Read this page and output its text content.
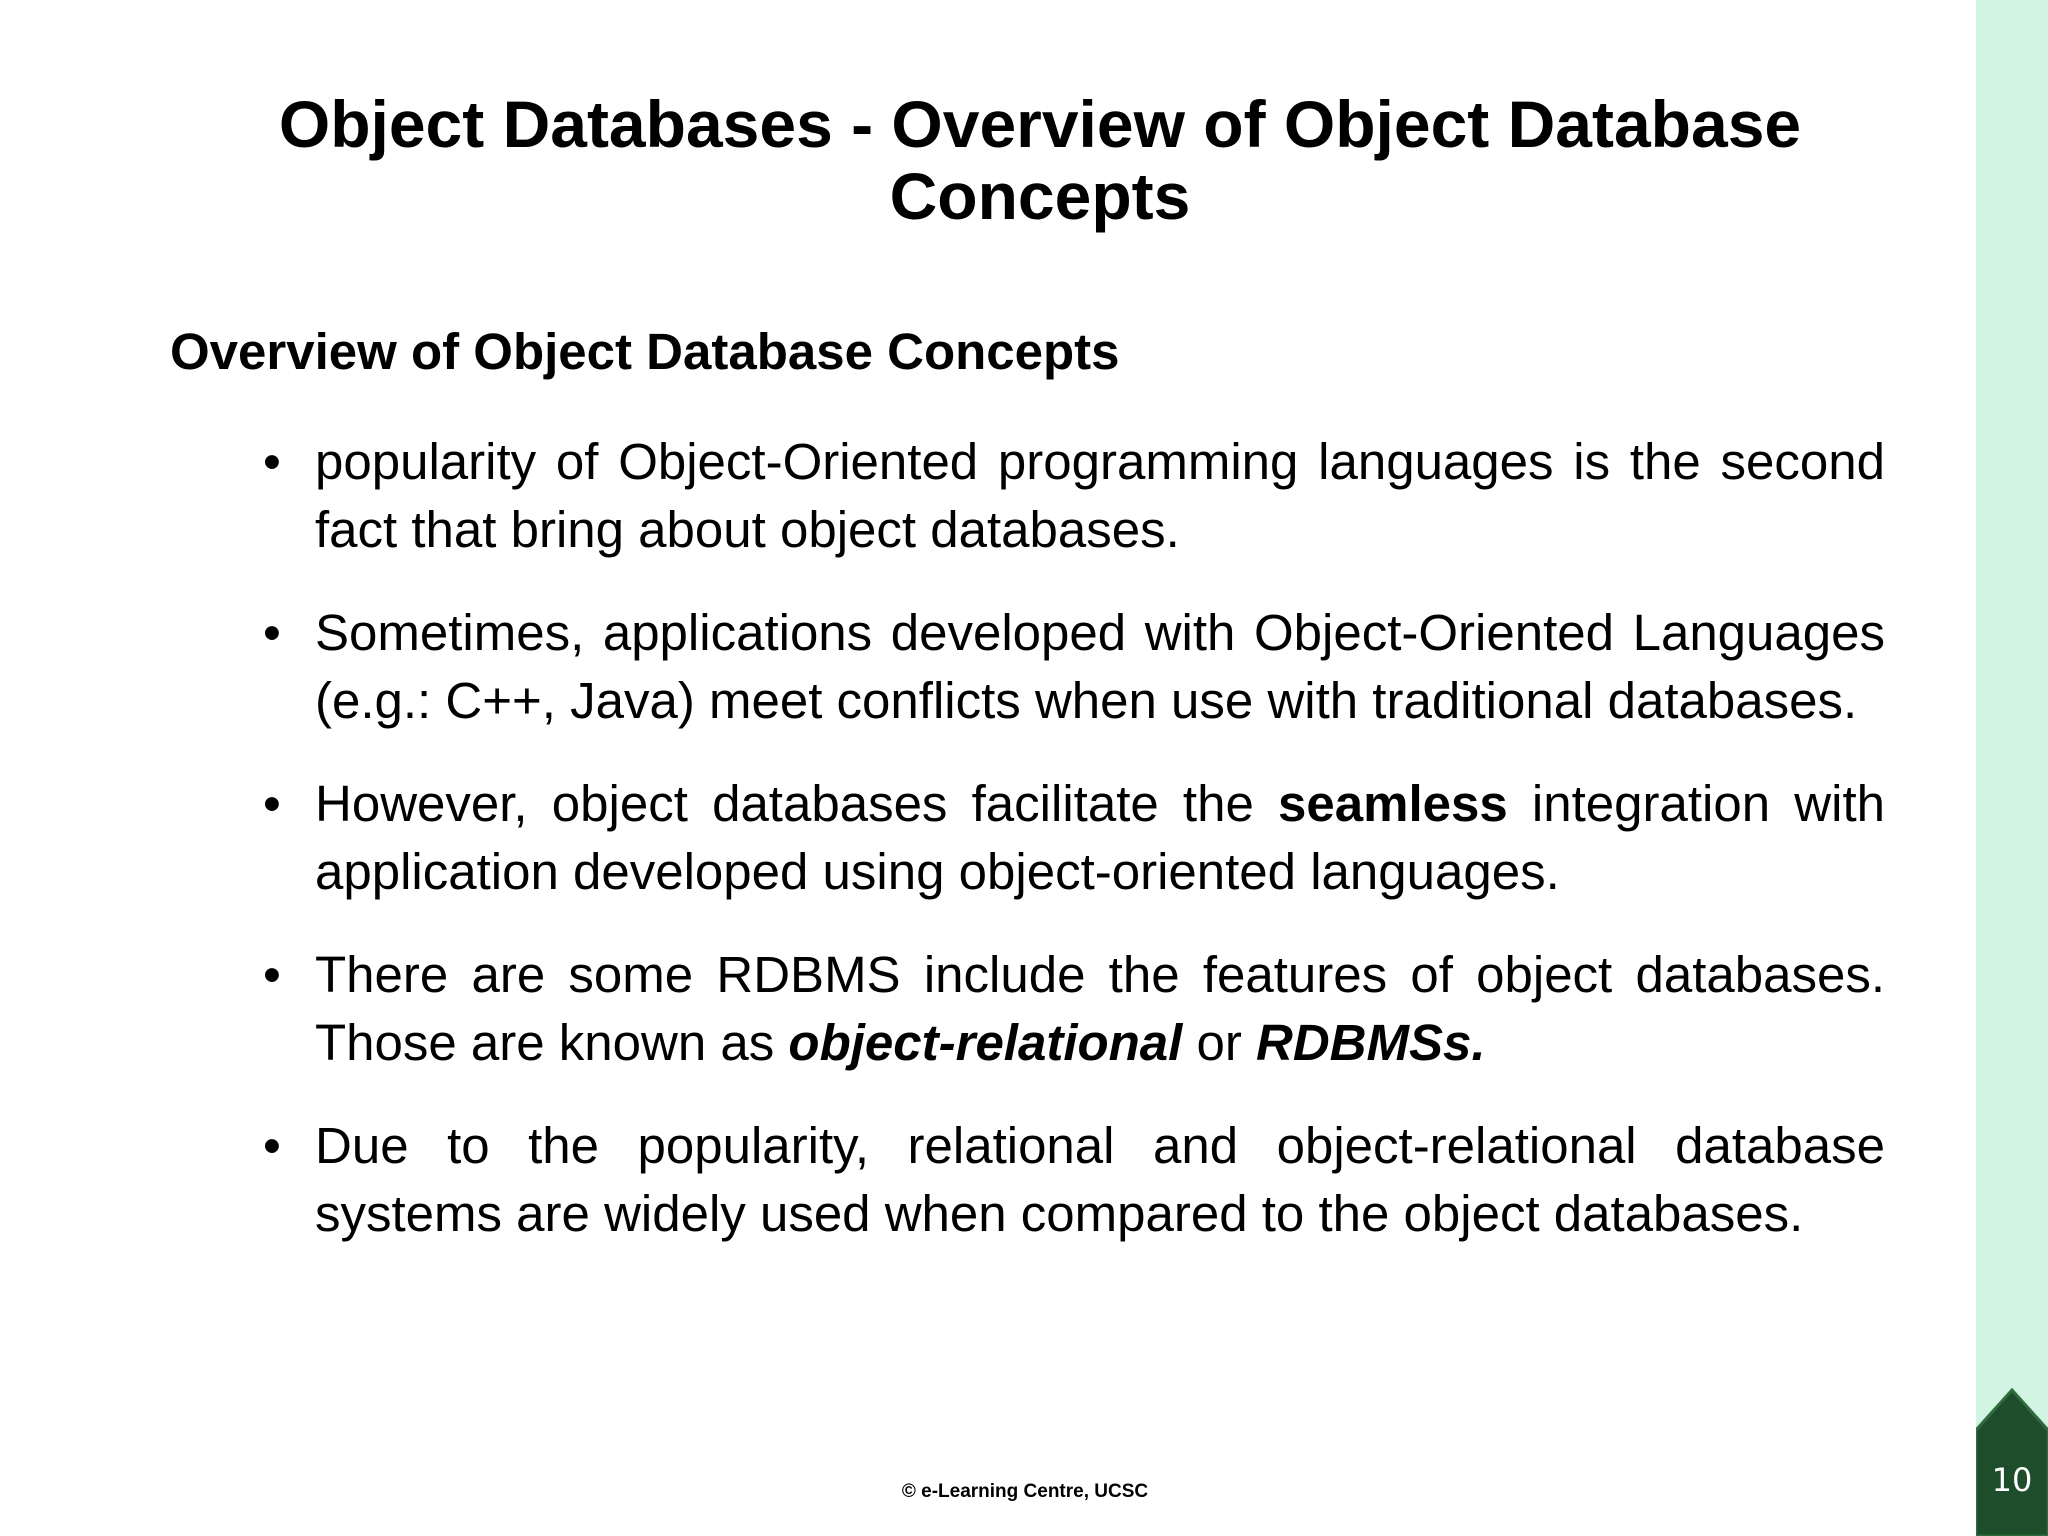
Object Databases - Overview of Object Database
Concepts
Overview of Object Database Concepts
• popularity of Object-Oriented programming languages is the second fact that bring about object databases.
• Sometimes, applications developed with Object-Oriented Languages (e.g.: C++, Java) meet conflicts when use with traditional databases.
• However, object databases facilitate the seamless integration with application developed using object-oriented languages.
• There are some RDBMS include the features of object databases. Those are known as object-relational or RDBMSs.
• Due to the popularity, relational and object-relational database systems are widely used when compared to the object databases.

© e-Learning Centre, UCSC	10
